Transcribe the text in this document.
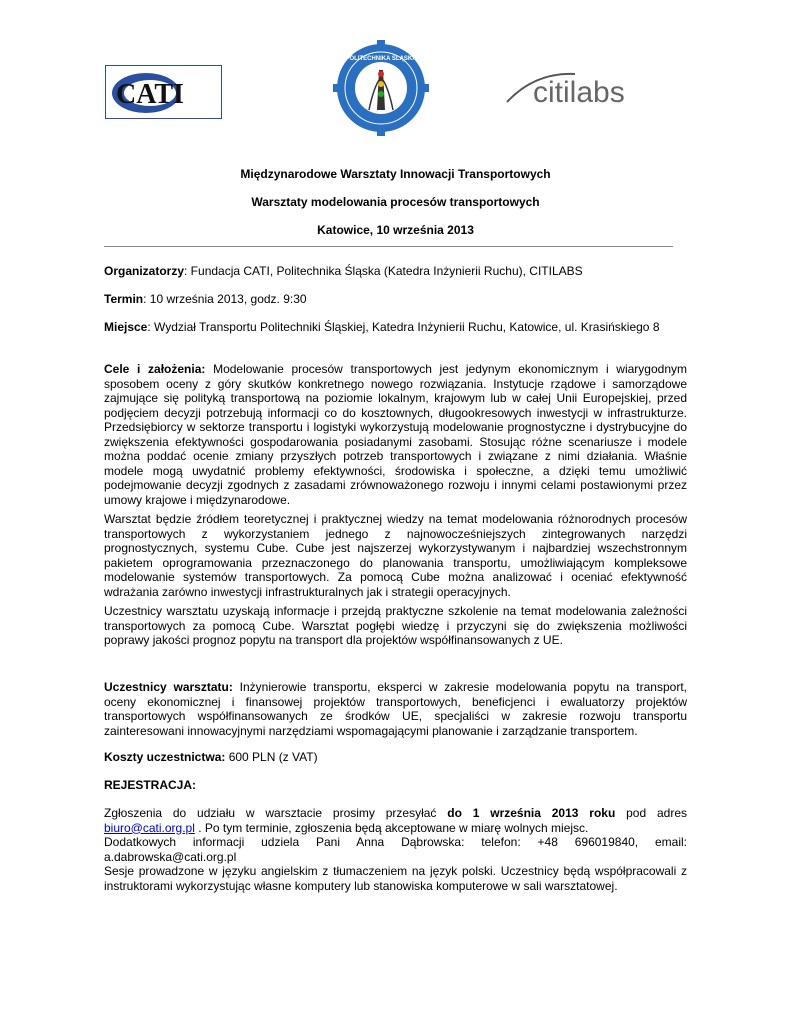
CATI
POLITECHNIKA ŚLĄSKA
citilabs
Międzynarodowe Warsztaty Innowacji Transportowych
Warsztaty modelowania procesów transportowych
Katowice, 10 września 2013
Organizatorzy: Fundacja CATI, Politechnika Śląska (Katedra Inżynierii Ruchu), CITILABS
Termin: 10 września 2013, godz. 9:30
Miejsce: Wydział Transportu Politechniki Śląskiej, Katedra Inżynierii Ruchu, Katowice, ul. Krasińskiego 8
Cele i założenia: Modelowanie procesów transportowych jest jedynym ekonomicznym i wiarygodnym
sposobem oceny z góry skutków konkretnego nowego rozwiązania. Instytucje rządowe i samorządowe
zajmujące się polityką transportową na poziomie lokalnym, krajowym lub w całej Unii Europejskiej, przed
podjęciem decyzji potrzebują informacji co do kosztownych, długookresowych inwestycji w infrastrukturze.
Przedsiębiorcy w sektorze transportu i logistyki wykorzystują modelowanie prognostyczne i dystrybucyjne do
zwiększenia efektywności gospodarowania posiadanymi zasobami. Stosując różne scenariusze i modele
można poddać ocenie zmiany przyszłych potrzeb transportowych i związane z nimi działania. Właśnie
modele mogą uwydatnić problemy efektywności, środowiska i społeczne, a dzięki temu umożliwić
podejmowanie decyzji zgodnych z zasadami zrównoważonego rozwoju i innymi celami postawionymi przez
umowy krajowe i międzynarodowe.
Warsztat będzie źródłem teoretycznej i praktycznej wiedzy na temat modelowania różnorodnych procesów
transportowych z wykorzystaniem jednego z najnowocześniejszych zintegrowanych narzędzi
prognostycznych, systemu Cube. Cube jest najszerzej wykorzystywanym i najbardziej wszechstronnym
pakietem oprogramowania przeznaczonego do planowania transportu, umożliwiającym kompleksowe
modelowanie systemów transportowych. Za pomocą Cube można analizować i oceniać efektywność
wdrażania zarówno inwestycji infrastrukturalnych jak i strategii operacyjnych.
Uczestnicy warsztatu uzyskają informacje i przejdą praktyczne szkolenie na temat modelowania zależności
transportowych za pomocą Cube. Warsztat pogłębi wiedzę i przyczyni się do zwiększenia możliwości
poprawy jakości prognoz popytu na transport dla projektów współfinansowanych z UE.
Uczestnicy warsztatu: Inżynierowie transportu, eksperci w zakresie modelowania popytu na transport,
oceny ekonomicznej i finansowej projektów transportowych, beneficjenci i ewaluatorzy projektów
transportowych współfinansowanych ze środków UE, specjaliści w zakresie rozwoju transportu
zainteresowani innowacyjnymi narzędziami wspomagającymi planowanie i zarządzanie transportem.
Koszty uczestnictwa: 600 PLN (z VAT)
REJESTRACJA:
Zgłoszenia do udziału w warsztacie prosimy przesyłać do 1 września 2013 roku pod adres
biuro@cati.org.pl . Po tym terminie, zgłoszenia będą akceptowane w miarę wolnych miejsc.
Dodatkowych informacji udziela Pani Anna Dąbrowska: telefon: +48 696019840, email:
a.dabrowska@cati.org.pl
Sesje prowadzone w języku angielskim z tłumaczeniem na język polski. Uczestnicy będą współpracowali z
instruktorami wykorzystując własne komputery lub stanowiska komputerowe w sali warsztatowej.
